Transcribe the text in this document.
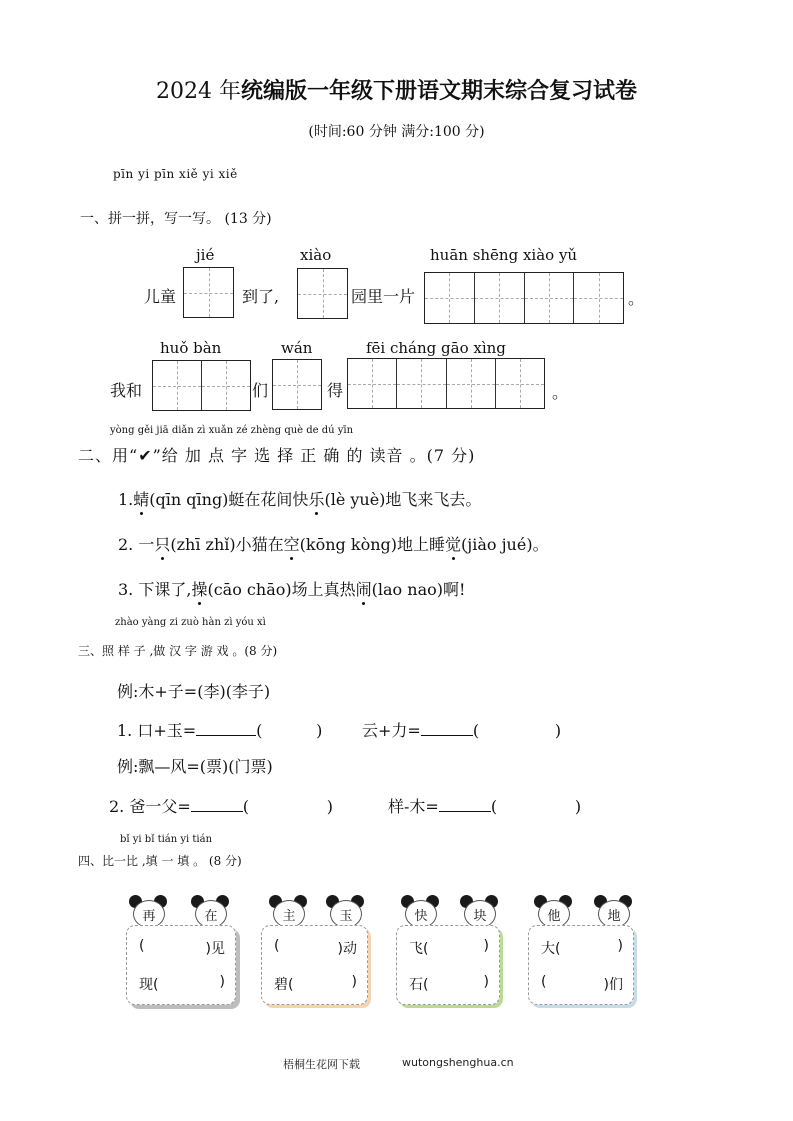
2024 年统编版一年级下册语文期末综合复习试卷
(时间:60 分钟 满分:100 分)
pīn yi pīn xiě yi xiě
一、拼一拼，写一写。 (13 分)
jié	xiào	huān shēng xiào yǔ
儿童	到了,	园里一片	。
huǒ bàn	wán	fēi cháng gāo xìng
我和	们	得	。
yòng gěi jiā diǎn zì xuǎn zé zhèng què de dú yīn
二、用“✔”给 加 点 字 选 择 正 确 的 读音 。(7 分)
1.蜻(qīn qīng)蜓在花间快乐(lè yuè)地飞来飞去。
2. 一只(zhī zhǐ)小猫在空(kōng kòng)地上睡觉(jiào jué)。
3. 下课了,操(cāo chāo)场上真热闹(lao nao)啊!
zhào yàng zi zuò hàn zì yóu xì
三、照 样 子 ,做 汉 字 游 戏 。(8 分)
例:木+子=(李)(李子)
1. 口+玉=	(	) 云+力=	(	)
例:飘—风=(票)(门票)
2. 爸一父=	(	)	样-木=	(	)
bǐ yi bǐ tián yi tián
四、比一比 ,填 一 填 。 (8 分)
再	在
(	)见
现(	)
主	玉
(	)动
碧(	)
快	块
飞(	)
石(	)
他	地
大(	)
(	)们
梧桐生花网下载	wutongshenghua.cn
